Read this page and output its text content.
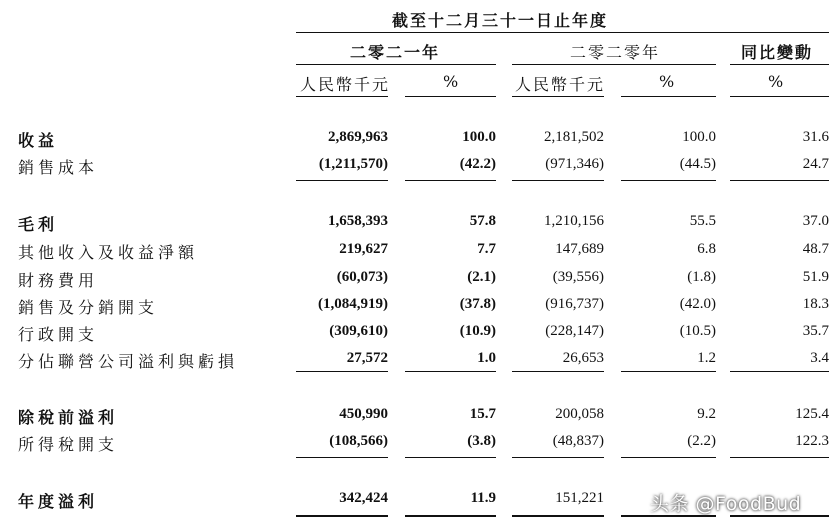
截至十二月三十一日止年度
二零二一年	二零二零年	同比變動
人民幣千元	%	人民幣千元	%	%
收益	2,869,963	100.0	2,181,502	100.0	31.6
銷售成本	(1,211,570)	(42.2)	(971,346)	(44.5)	24.7
毛利	1,658,393	57.8	1,210,156	55.5	37.0
其他收入及收益淨額	219,627	7.7	147,689	6.8	48.7
財務費用	(60,073)	(2.1)	(39,556)	(1.8)	51.9
銷售及分銷開支	(1,084,919)	(37.8)	(916,737)	(42.0)	18.3
行政開支	(309,610)	(10.9)	(228,147)	(10.5)	35.7
分佔聯營公司溢利與虧損	27,572	1.0	26,653	1.2	3.4
除稅前溢利	450,990	15.7	200,058	9.2	125.4
所得稅開支	(108,566)	(3.8)	(48,837)	(2.2)	122.3
年度溢利	342,424	11.9	151,221 头条 @FoodBud
